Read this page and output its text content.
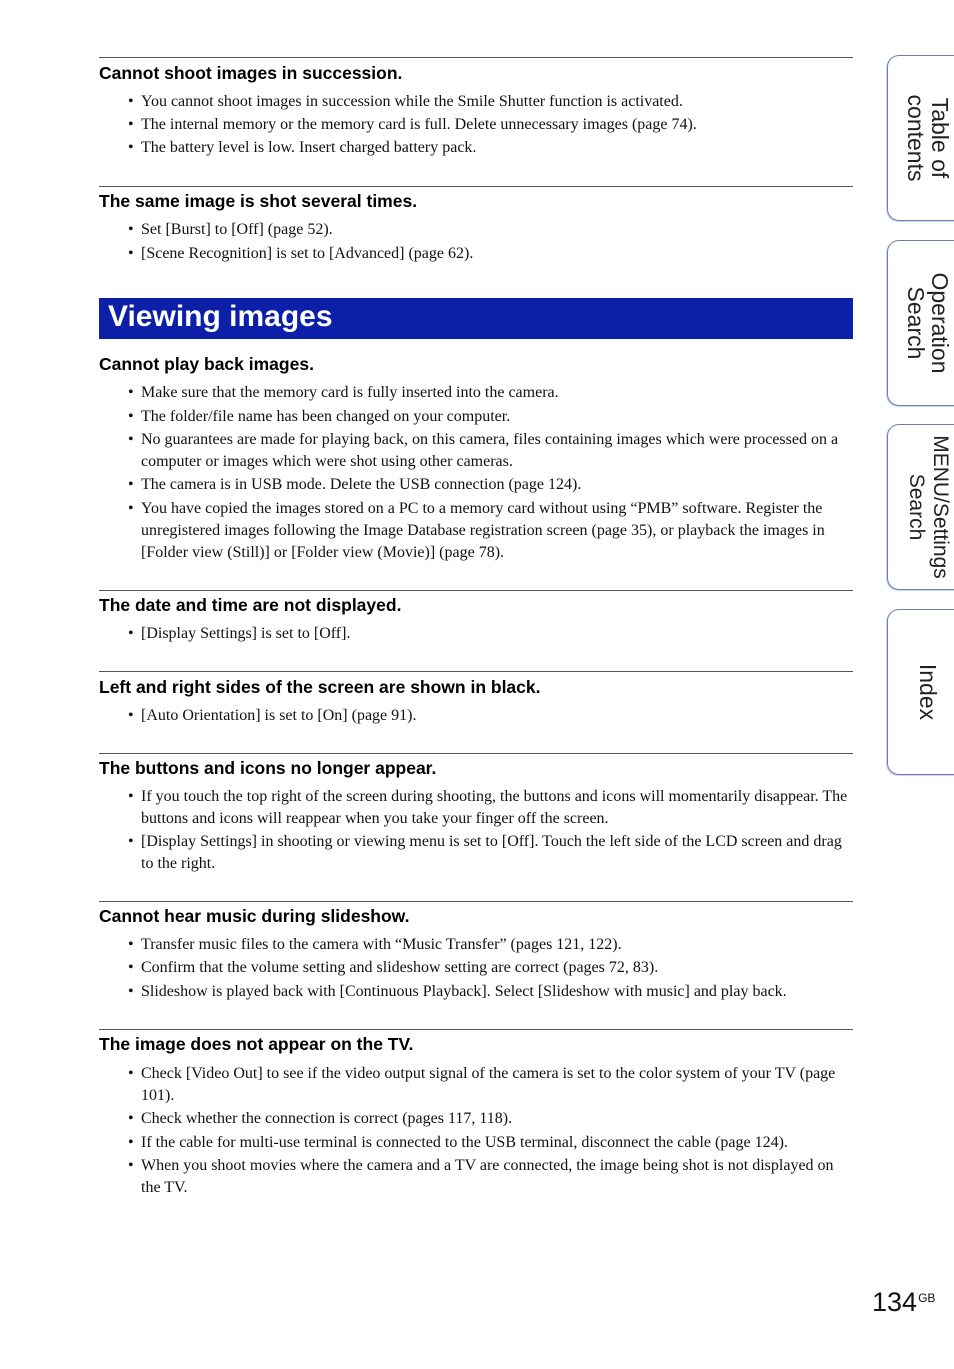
Cannot shoot images in succession.

• You cannot shoot images in succession while the Smile Shutter function is activated.
• The internal memory or the memory card is full. Delete unnecessary images (page 74).
• The battery level is low. Insert charged battery pack.

The same image is shot several times.

• Set [Burst] to [Off] (page 52).
• [Scene Recognition] is set to [Advanced] (page 62).
Viewing images

Cannot play back images.

• Make sure that the memory card is fully inserted into the camera.
• The folder/file name has been changed on your computer.
• No guarantees are made for playing back, on this camera, files containing images which were processed on a computer or images which were shot using other cameras.
• The camera is in USB mode. Delete the USB connection (page 124).
• You have copied the images stored on a PC to a memory card without using “PMB” software. Register the unregistered images following the Image Database registration screen (page 35), or playback the images in [Folder view (Still)] or [Folder view (Movie)] (page 78).

The date and time are not displayed.

• [Display Settings] is set to [Off].

Left and right sides of the screen are shown in black.

• [Auto Orientation] is set to [On] (page 91).

The buttons and icons no longer appear.

• If you touch the top right of the screen during shooting, the buttons and icons will momentarily disappear. The buttons and icons will reappear when you take your finger off the screen.
• [Display Settings] in shooting or viewing menu is set to [Off]. Touch the left side of the LCD screen and drag to the right.

Cannot hear music during slideshow.

• Transfer music files to the camera with “Music Transfer” (pages 121, 122).
• Confirm that the volume setting and slideshow setting are correct (pages 72, 83).
• Slideshow is played back with [Continuous Playback]. Select [Slideshow with music] and play back.

The image does not appear on the TV.

• Check [Video Out] to see if the video output signal of the camera is set to the color system of your TV (page 101).
• Check whether the connection is correct (pages 117, 118).
• If the cable for multi-use terminal is connected to the USB terminal, disconnect the cable (page 124).
• When you shoot movies where the camera and a TV are connected, the image being shot is not displayed on the TV.
Table of
contents
Operation
Search
MENU/Settings
Search
Index
$134^{GB}$
